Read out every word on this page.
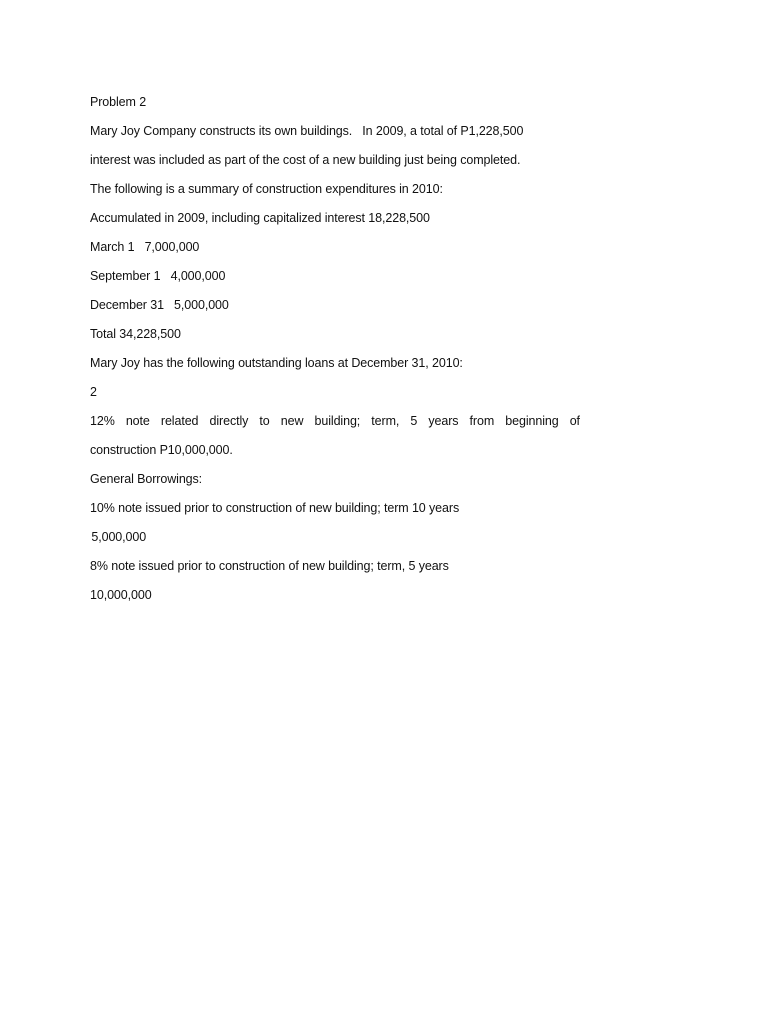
Problem 2

Mary Joy Company constructs its own buildings.   In 2009, a total of P1,228,500

interest was included as part of the cost of a new building just being completed.

The following is a summary of construction expenditures in 2010:

Accumulated in 2009, including capitalized interest 18,228,500

March 1   7,000,000

September 1   4,000,000

December 31   5,000,000

Total 34,228,500

Mary Joy has the following outstanding loans at December 31, 2010:

2

12% note related directly to new building; term, 5 years from beginning of

construction P10,000,000.

General Borrowings:

10% note issued prior to construction of new building; term 10 years

5,000,000

8% note issued prior to construction of new building; term, 5 years

10,000,000
